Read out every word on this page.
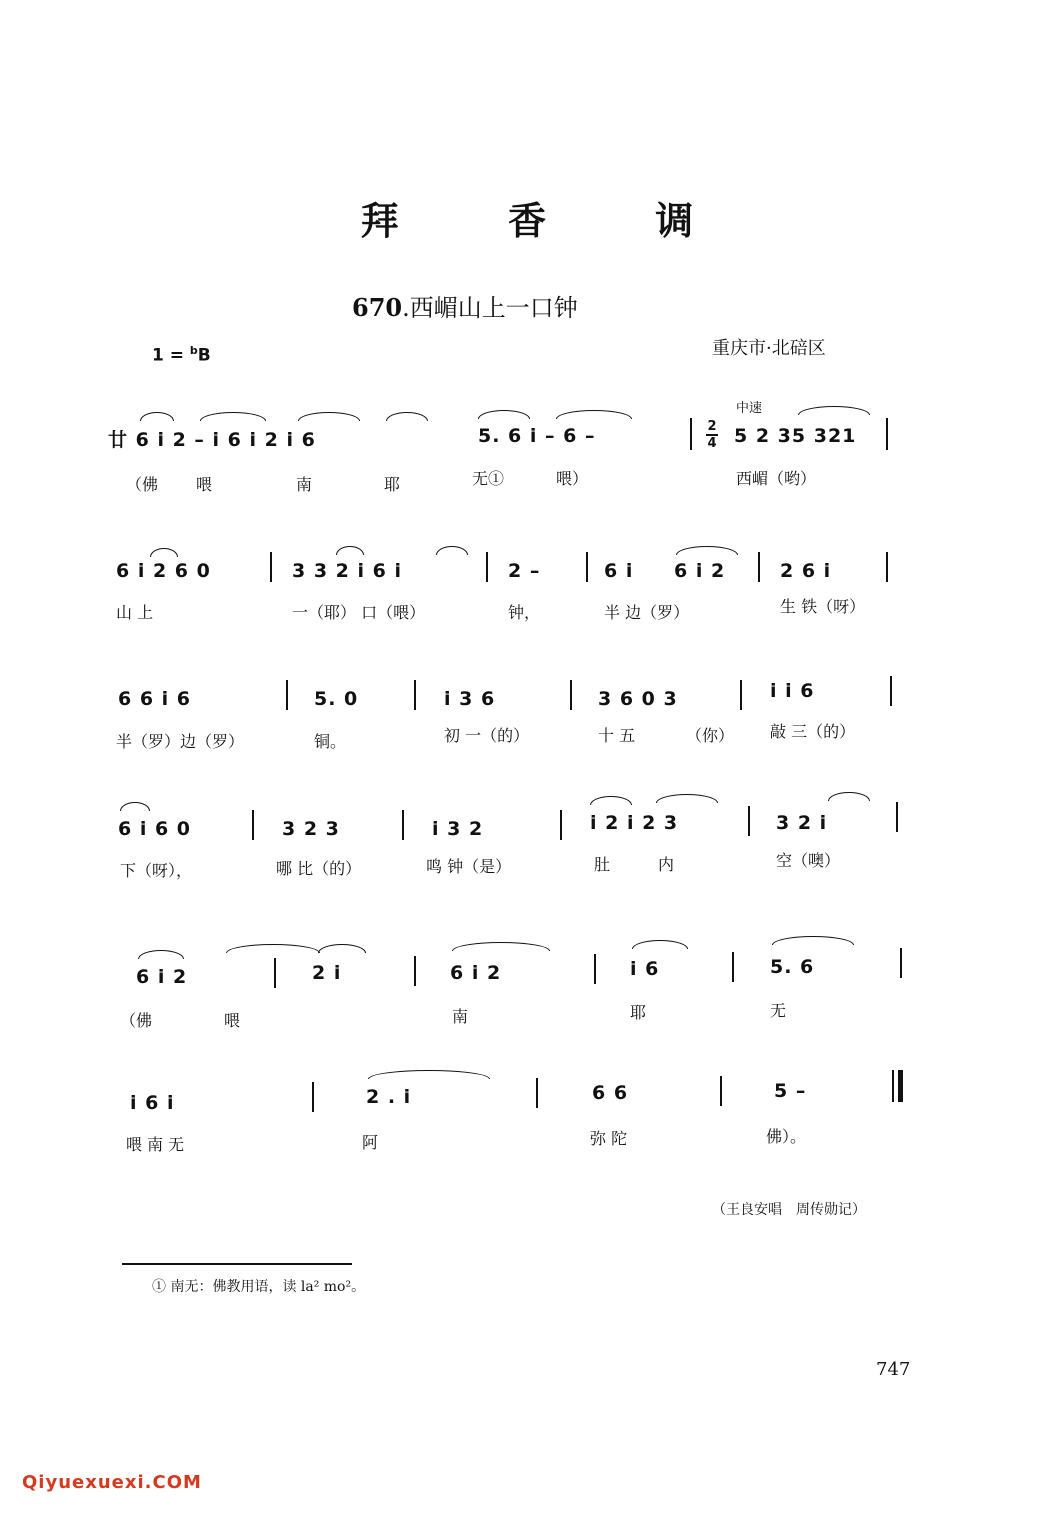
拜 香 调
670.西嵋山上一口钟
1 = $^b$B	重庆市·北碚区
中速
廿 6 i 2 – i 6 i 2 i 6	5. 6 i – 6 –	2
4 5 2 35 321
（佛 喂	南	耶	无①	喂）	西嵋（哟）
6 i 2 6 0	3 3 2 i 6 i	2 –	6 i 6 i 2	2 6 i
山 上	一（耶） 口（喂）	钟，	半 边（罗）	生 铁（呀）
6 6 i 6	5. 0	i 3 6	3 6 0 3	i i 6
半（罗）边（罗）	铜。	初 一（的）	十 五	（你） 敲 三（的）
6 i 6 0	3 2 3	i 3 2	i 2 i 2 3	3 2 i
下（呀），	哪 比（的）	鸣 钟（是）	肚	内	空（噢）
6 i 2	2 i	6 i 2	i 6	5. 6
（佛	喂	南	耶	无
i 6 i	2 . i	6 6	5 –
喂 南 无	阿	弥 陀	佛）。
（王良安唱　周传勋记）
① 南无：佛教用语，读 la² mo²。
747
Qiyuexuexi.COM
